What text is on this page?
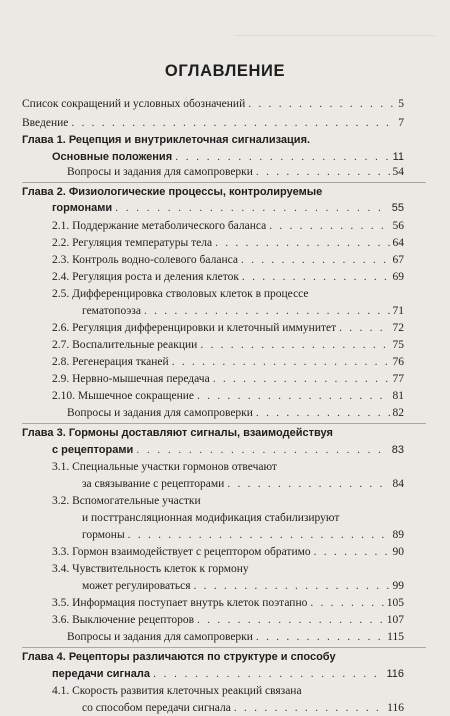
ОГЛАВЛЕНИЕ
Список сокращений и условных обозначений . . .	5
Введение . . .	7
Глава 1. Рецепция и внутриклеточная сигнализация.
Основные положения . . .	11
Вопросы и задания для самопроверки . . .	54
Глава 2. Физиологические процессы, контролируемые
гормонами . . .	55
2.1. Поддержание метаболического баланса . . .	56
2.2. Регуляция температуры тела . . .	64
2.3. Контроль водно-солевого баланса . . .	67
2.4. Регуляция роста и деления клеток . . .	69
2.5. Дифференцировка стволовых клеток в процессе
гематопоэза . . .	71
2.6. Регуляция дифференцировки и клеточный иммунитет . . .	72
2.7. Воспалительные реакции . . .	75
2.8. Регенерация тканей . . .	76
2.9. Нервно-мышечная передача . . .	77
2.10. Мышечное сокращение . . .	81
Вопросы и задания для самопроверки . . .	82
Глава 3. Гормоны доставляют сигналы, взаимодействуя
с рецепторами . . .	83
3.1. Специальные участки гормонов отвечают
за связывание с рецепторами . . .	84
3.2. Вспомогательные участки
и посттрансляционная модификация стабилизируют
гормоны . . .	89
3.3. Гормон взаимодействует с рецептором обратимо . . .	90
3.4. Чувствительность клеток к гормону
может регулироваться . . .	99
3.5. Информация поступает внутрь клеток поэтапно . . .	105
3.6. Выключение рецепторов . . .	107
Вопросы и задания для самопроверки . . .	115
Глава 4. Рецепторы различаются по структуре и способу
передачи сигнала . . .	116
4.1. Скорость развития клеточных реакций связана
со способом передачи сигнала . . .	116
